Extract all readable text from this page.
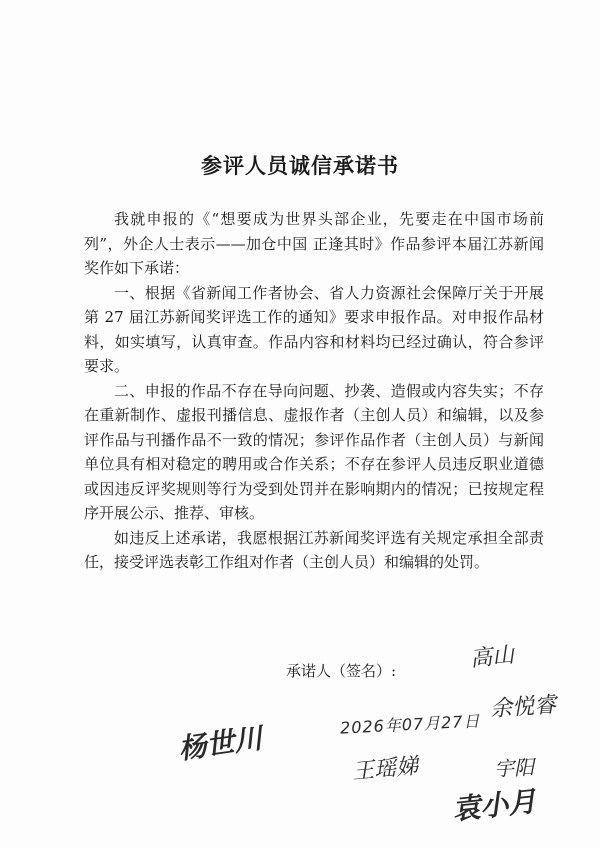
参评人员诚信承诺书

我就申报的《“想要成为世界头部企业，先要走在中国市场前列”，外企人士表示——加仓中国 正逢其时》作品参评本届江苏新闻奖作如下承诺：

一、根据《省新闻工作者协会、省人力资源社会保障厅关于开展第 27 届江苏新闻奖评选工作的通知》要求申报作品。对申报作品材料，如实填写，认真审查。作品内容和材料均已经过确认，符合参评要求。

二、申报的作品不存在导向问题、抄袭、造假或内容失实；不存在重新制作、虚报刊播信息、虚报作者（主创人员）和编辑，以及参评作品与刊播作品不一致的情况；参评作品作者（主创人员）与新闻单位具有相对稳定的聘用或合作关系；不存在参评人员违反职业道德或因违反评奖规则等行为受到处罚并在影响期内的情况；已按规定程序开展公示、推荐、审核。

如违反上述承诺，我愿根据江苏新闻奖评选有关规定承担全部责任，接受评选表彰工作组对作者（主创人员）和编辑的处罚。

承诺人（签名）:	高山
余悦睿
2026年07月27日
杨世川
王瑶娣	宇阳
袁小月
